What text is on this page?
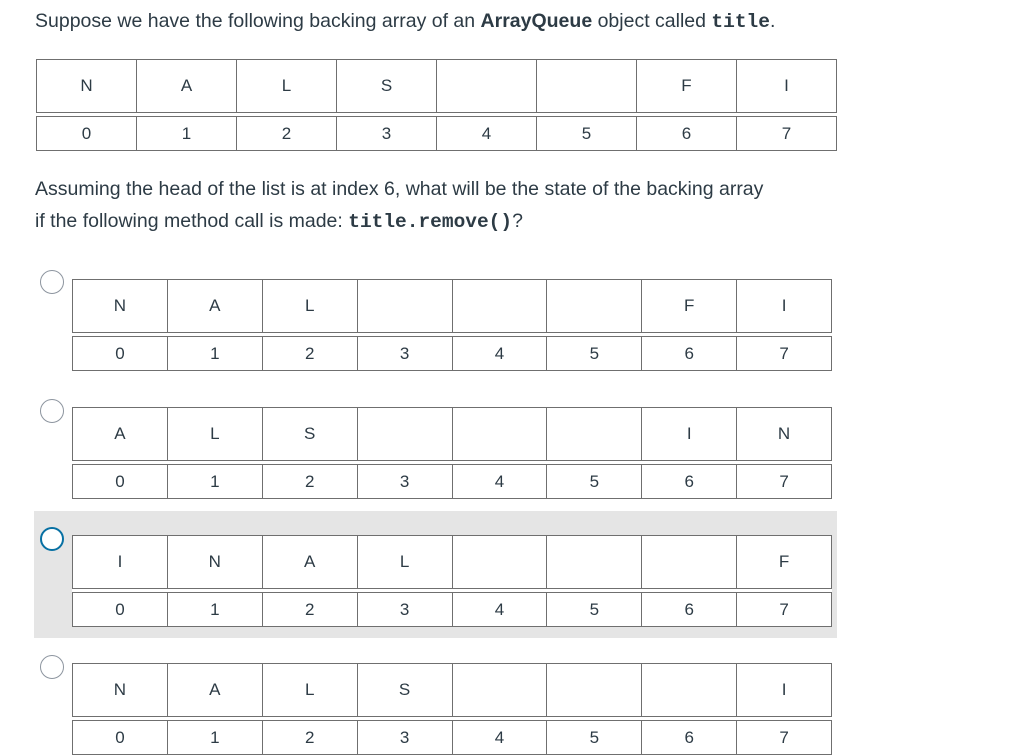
Suppose we have the following backing array of an ArrayQueue object called title.
N	A	L	S			F	I

0	1	2	3	4	5	6	7
Assuming the head of the list is at index 6, what will be the state of the backing array
if the following method call is made: title.remove()?
N	A	L				F	I

0	1	2	3	4	5	6	7
A	L	S				I	N

0	1	2	3	4	5	6	7
I	N	A	L				F

0	1	2	3	4	5	6	7
N	A	L	S				I

0	1	2	3	4	5	6	7
